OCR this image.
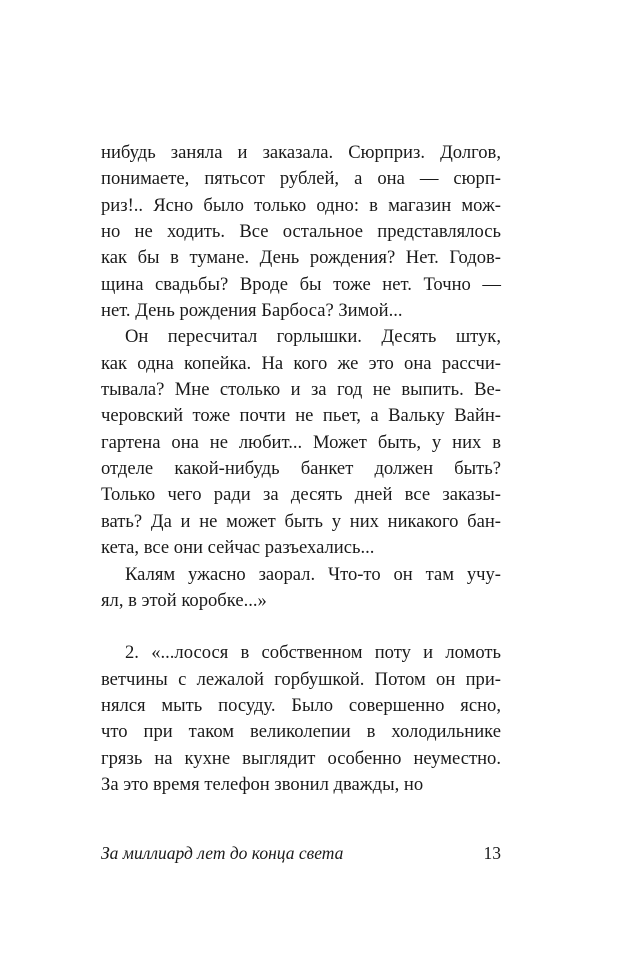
нибудь заняла и заказала. Сюрприз. Долгов,
понимаете, пятьсот рублей, а она — сюрп-
риз!.. Ясно было только одно: в магазин мож-
но не ходить. Все остальное представлялось
как бы в тумане. День рождения? Нет. Годов-
щина свадьбы? Вроде бы тоже нет. Точно —
нет. День рождения Барбоса? Зимой...
Он пересчитал горлышки. Десять штук,
как одна копейка. На кого же это она рассчи-
тывала? Мне столько и за год не выпить. Ве-
черовский тоже почти не пьет, а Вальку Вайн-
гартена она не любит... Может быть, у них в
отделе какой-нибудь банкет должен быть?
Только чего ради за десять дней все заказы-
вать? Да и не может быть у них никакого бан-
кета, все они сейчас разъехались...
Калям ужасно заорал. Что-то он там учу-
ял, в этой коробке...»
2. «...лосося в собственном поту и ломоть
ветчины с лежалой горбушкой. Потом он при-
нялся мыть посуду. Было совершенно ясно,
что при таком великолепии в холодильнике
грязь на кухне выглядит особенно неуместно.
За это время телефон звонил дважды, но
За миллиард лет до конца света	13
